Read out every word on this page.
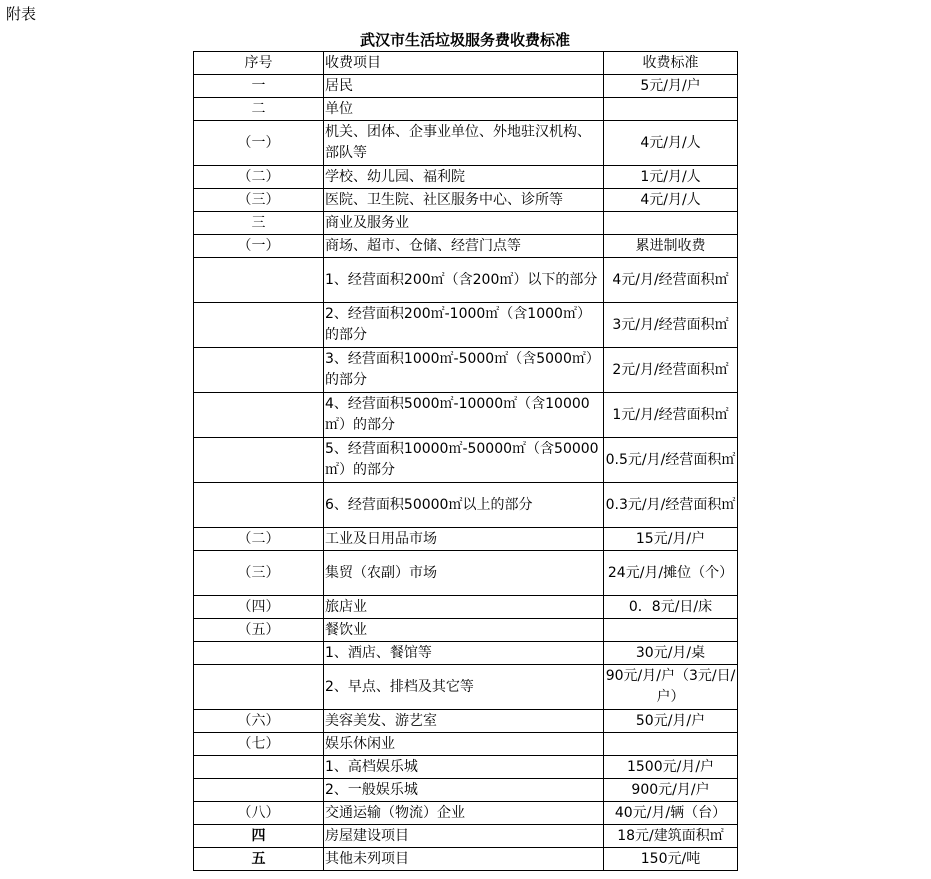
附表
武汉市生活垃圾服务费收费标准
序号	收费项目	收费标准
一	居民	5元/月/户
二	单位	
（一）	机关、团体、企事业单位、外地驻汉机构、部队等	4元/月/人
（二）	学校、幼儿园、福利院	1元/月/人
（三）	医院、卫生院、社区服务中心、诊所等	4元/月/人
三	商业及服务业	
（一）	商场、超市、仓储、经营门点等	累进制收费
	1、经营面积200㎡（含200㎡）以下的部分	4元/月/经营面积㎡
	2、经营面积200㎡-1000㎡（含1000㎡）的部分	3元/月/经营面积㎡
	3、经营面积1000㎡-5000㎡（含5000㎡）的部分	2元/月/经营面积㎡
	4、经营面积5000㎡-10000㎡（含10000㎡）的部分	1元/月/经营面积㎡
	5、经营面积10000㎡-50000㎡（含50000㎡）的部分	0.5元/月/经营面积㎡
	6、经营面积50000㎡以上的部分	0.3元/月/经营面积㎡
（二）	工业及日用品市场	15元/月/户
（三）	集贸（农副）市场	24元/月/摊位（个）
（四）	旅店业	0．8元/日/床
（五）	餐饮业	
	1、酒店、餐馆等	30元/月/桌
	2、早点、排档及其它等	90元/月/户（3元/日/户）
（六）	美容美发、游艺室	50元/月/户
（七）	娱乐休闲业	
	1、高档娱乐城	1500元/月/户
	2、一般娱乐城	900元/月/户
（八）	交通运输（物流）企业	40元/月/辆（台）
四	房屋建设项目	18元/建筑面积㎡
五	其他未列项目	150元/吨
